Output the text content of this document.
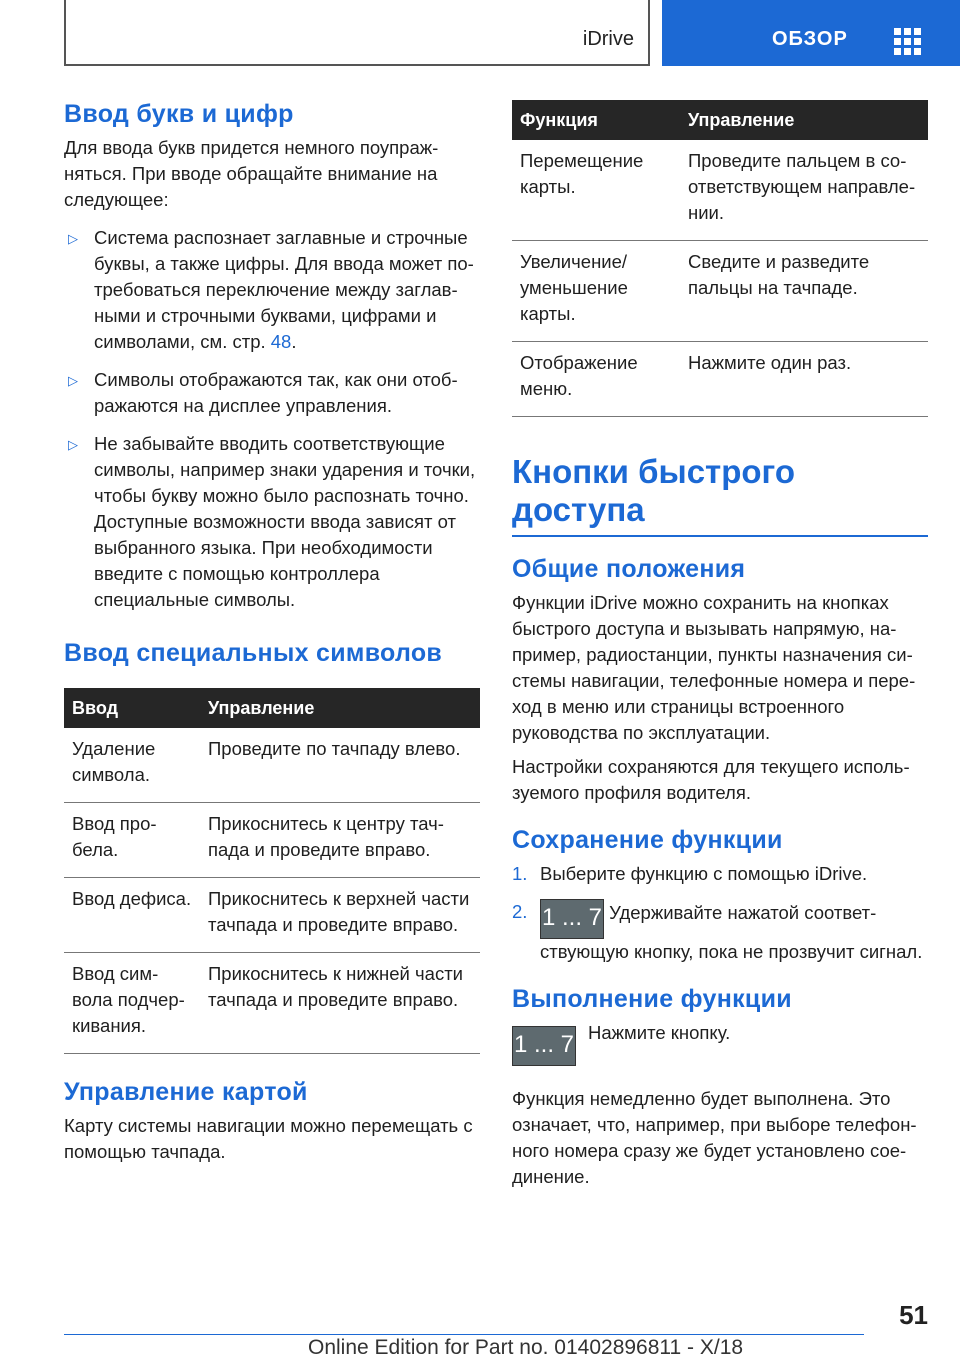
iDrive	ОБЗОР
Ввод букв и цифр

Для ввода букв придется немного поупражняться. При вводе обращайте внимание на следующее:

▷ Система распознает заглавные и строчные буквы, а также цифры. Для ввода может потребоваться переключение между заглавными и строчными буквами, цифрами и символами, см. стр. 48.
▷ Символы отображаются так, как они отображаются на дисплее управления.
▷ Не забывайте вводить соответствующие символы, например знаки ударения и точки, чтобы букву можно было распознать точно. Доступные возможности ввода зависят от выбранного языка. При необходимости введите с помощью контроллера специальные символы.
Ввод специальных символов
Ввод	Управление
Удаление символа.	Проведите по тачпаду влево.
Ввод пробела.	Прикоснитесь к центру тачпада и проведите вправо.
Ввод дефиса.	Прикоснитесь к верхней части тачпада и проведите вправо.
Ввод символа подчеркивания.	Прикоснитесь к нижней части тачпада и проведите вправо.
Управление картой

Карту системы навигации можно перемещать с помощью тачпада.

Функция	Управление
Перемещение карты.	Проведите пальцем в соответствующем направлении.
Увеличение/ уменьшение карты.	Сведите и разведите пальцы на тачпаде.
Отображение меню.	Нажмите один раз.
Кнопки быстрого доступа
Общие положения

Функции iDrive можно сохранить на кнопках быстрого доступа и вызывать напрямую, например, радиостанции, пункты назначения системы навигации, телефонные номера и переход в меню или страницы встроенного руководства по эксплуатации.

Настройки сохраняются для текущего используемого профиля водителя.

Сохранение функции
1. Выберите функцию с помощью iDrive.
2. 1 ... 7 Удерживайте нажатой соответствующую кнопку, пока не прозвучит сигнал.
Выполнение функции
1 ... 7 Нажмите кнопку.

Функция немедленно будет выполнена. Это означает, что, например, при выборе телефонного номера сразу же будет установлено соединение.

51
Online Edition for Part no. 01402896811 - X/18
